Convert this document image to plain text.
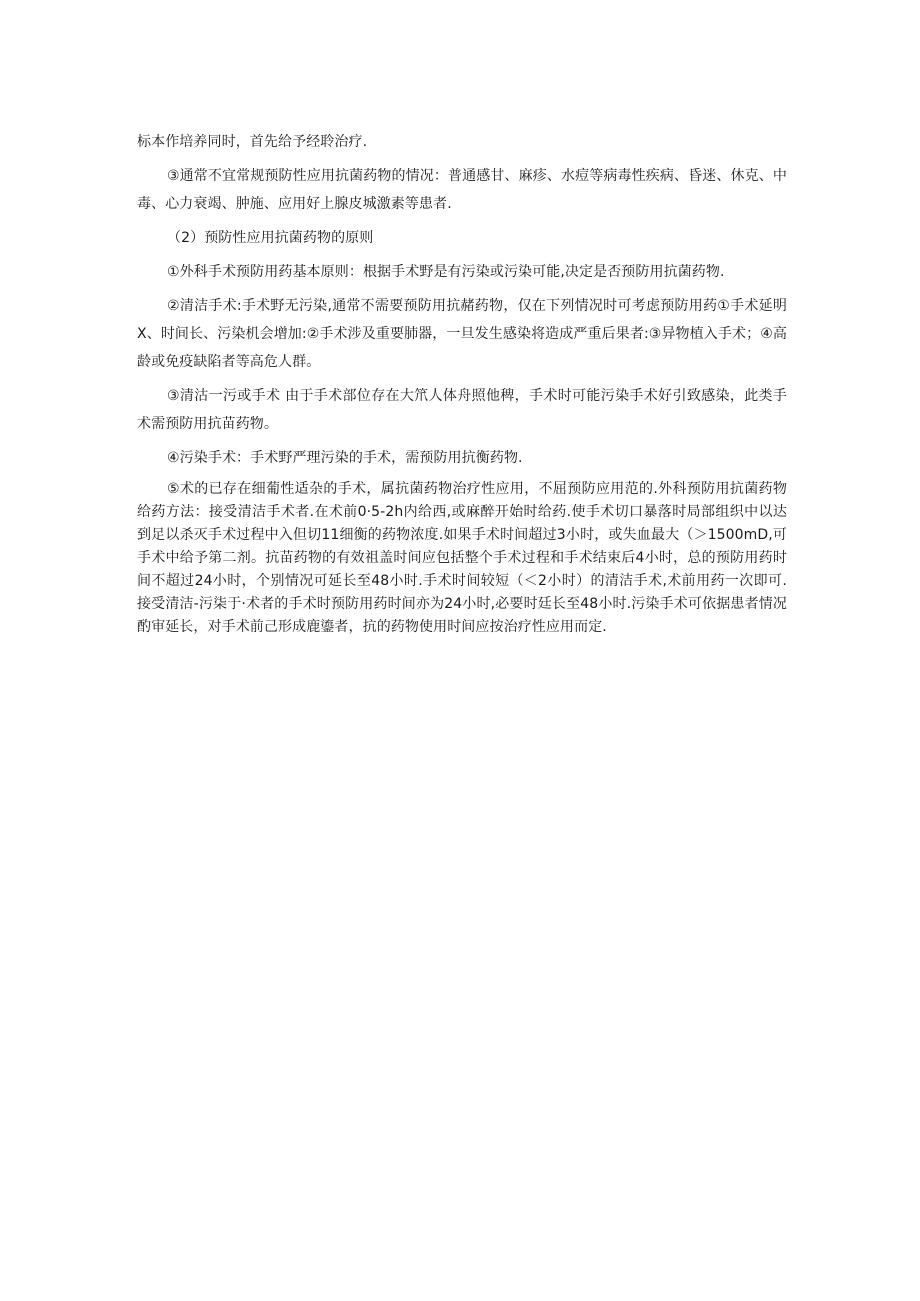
标本作培养同时，首先给予经聆治疗.

③通常不宜常规预防性应用抗菌药物的情况：普通感甘、麻疹、水痘等病毒性疾病、昏迷、休克、中毒、心力衰竭、肿施、应用好上腺皮城激素等患者.

（2）预防性应用抗菌药物的原则

①外科手术预防用药基本原则：根据手术野是有污染或污染可能,决定是否预防用抗菌药物.

②清洁手术:手术野无污染,通常不需要预防用抗赭药物，仅在下列情况时可考虑预防用药①手术延明X、时间长、污染机会增加:②手术涉及重要肺器，一旦发生感染将造成严重后果者:③异物植入手术；④高龄或免疫缺陷者等高危人群。

③清沽一污或手术 由于手术部位存在大笊人体舟照他稗，手术时可能污染手术好引致感染，此类手术需预防用抗苗药物。

④污染手术：手术野严理污染的手术，需预防用抗衡药物.

⑤术的已存在细葡性适杂的手术，属抗菌药物治疗性应用，不屈预防应用范的.外科预防用抗菌药物给药方法：接受清洁手术者.在术前0·5-2h内给西,或麻醉开始时给药.使手术切口暴落时局部组织中以达到足以杀灭手术过程中入但切11细衡的药物浓度.如果手术时间超过3小时，或失血最大（＞1500mD,可手术中给予第二剂。抗苗药物的有效祖盖时间应包括整个手术过程和手术结束后4小时，总的预防用药时间不超过24小时，个别情况可延长至48小时.手术时间较短（＜2小时）的清洁手术,术前用药一次即可.接受清洁-污柒于·术者的手术时预防用药时间亦为24小时,必要时廷长至48小时.污染手术可依据患者情况酌审延长，对手术前己形成鹿鎏者，抗的药物使用时间应按治疗性应用而定.
